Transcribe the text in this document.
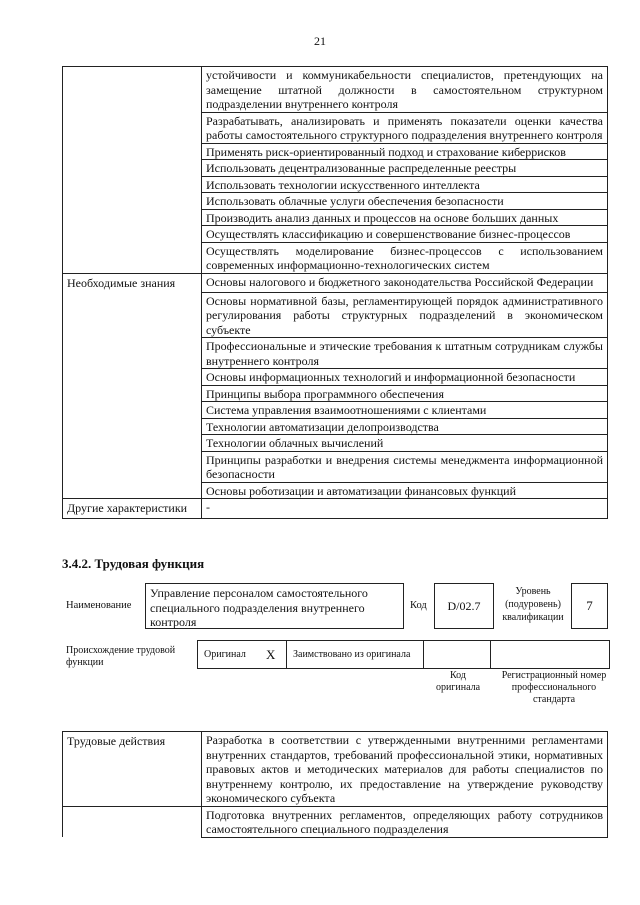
21
	устойчивости и коммуникабельности специалистов, претендующих на замещение штатной должности в самостоятельном структурном подразделении внутреннего контроля
	Разрабатывать, анализировать и применять показатели оценки качества работы самостоятельного структурного подразделения внутреннего контроля
	Применять риск-ориентированный подход и страхование киберрисков
	Использовать децентрализованные распределенные реестры
	Использовать технологии искусственного интеллекта
	Использовать облачные услуги обеспечения безопасности
	Производить анализ данных и процессов на основе больших данных
	Осуществлять классификацию и совершенствование бизнес-процессов
	Осуществлять моделирование бизнес-процессов с использованием современных информационно-технологических систем
Необходимые знания	Основы налогового и бюджетного законодательства Российской Федерации
	Основы нормативной базы, регламентирующей порядок административного регулирования работы структурных подразделений в экономическом субъекте
	Профессиональные и этические требования к штатным сотрудникам службы внутреннего контроля
	Основы информационных технологий и информационной безопасности
	Принципы выбора программного обеспечения
	Система управления взаимоотношениями с клиентами
	Технологии автоматизации делопроизводства
	Технологии облачных вычислений
	Принципы разработки и внедрения системы менеджмента информационной безопасности
	Основы роботизации и автоматизации финансовых функций
Другие характеристики	-
3.4.2. Трудовая функция
Наименование
Управление персоналом самостоятельного специального подразделения внутреннего контроля
Код	D/02.7
Уровень (подуровень) квалификации
7
Происхождение трудовой функции
Оригинал	X	Заимствовано из оригинала		
Код оригинала
Регистрационный номер профессионального стандарта
Трудовые действия	Разработка в соответствии с утвержденными внутренними регламентами внутренних стандартов, требований профессиональной этики, нормативных правовых актов и методических материалов для работы специалистов по внутреннему контролю, их предоставление на утверждение руководству экономического субъекта
	Подготовка внутренних регламентов, определяющих работу сотрудников самостоятельного специального подразделения
